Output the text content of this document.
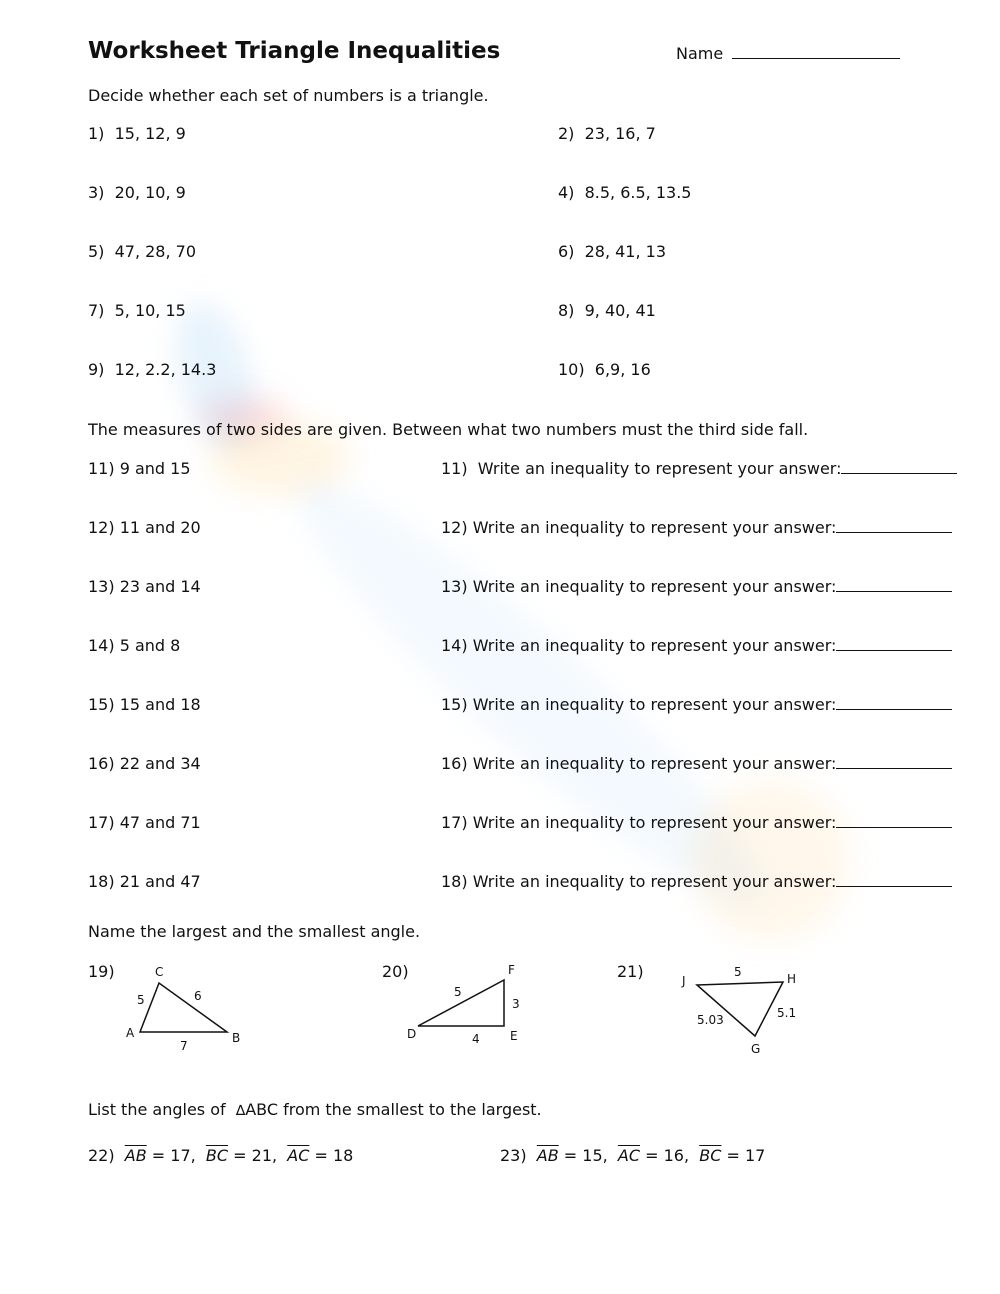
Worksheet Triangle Inequalities	Name
Decide whether each set of numbers is a triangle.
1) 15, 12, 9	2) 23, 16, 7
3) 20, 10, 9	4) 8.5, 6.5, 13.5
5) 47, 28, 70	6) 28, 41, 13
7) 5, 10, 15	8) 9, 40, 41
9) 12, 2.2, 14.3	10) 6,9, 16
The measures of two sides are given. Between what two numbers must the third side fall.
11) 9 and 15	11) Write an inequality to represent your answer:
12) 11 and 20	12) Write an inequality to represent your answer:
13) 23 and 14	13) Write an inequality to represent your answer:
14) 5 and 8	14) Write an inequality to represent your answer:
15) 15 and 18	15) Write an inequality to represent your answer:
16) 22 and 34	16) Write an inequality to represent your answer:
17) 47 and 71	17) Write an inequality to represent your answer:
18) 21 and 47	18) Write an inequality to represent your answer:
Name the largest and the smallest angle.
19)	C
A	B
5	6
7
20)	F
D	E
5
3
4
21)	J	H
G
5
5.1
5.03
List the angles of ∆ABC from the smallest to the largest.
22) $\overline{AB} = 17$, $\overline{BC} = 21$, $\overline{AC} = 18$	23) $\overline{AB} = 15$, $\overline{AC} = 16$, $\overline{BC} = 17$
